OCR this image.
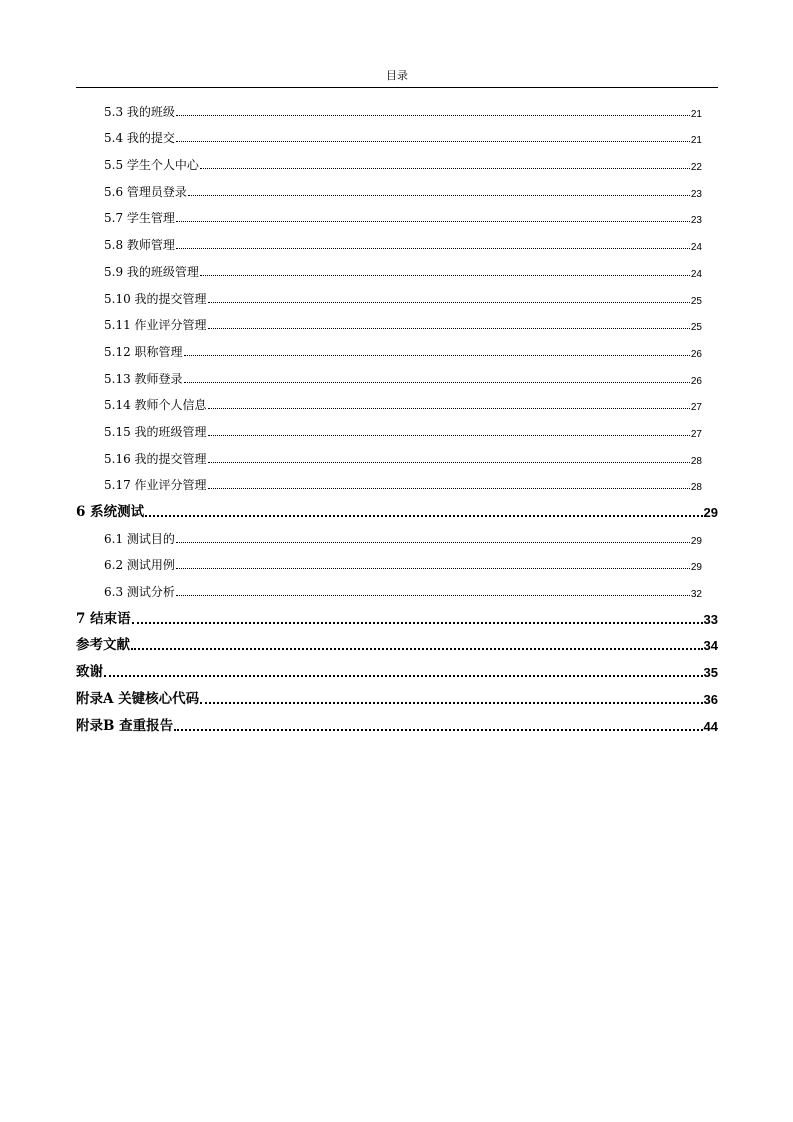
目录
5.3 我的班级	21
5.4 我的提交	21
5.5 学生个人中心	22
5.6 管理员登录	23
5.7 学生管理	23
5.8 教师管理	24
5.9 我的班级管理	24
5.10 我的提交管理	25
5.11 作业评分管理	25
5.12 职称管理	26
5.13 教师登录	26
5.14 教师个人信息	27
5.15 我的班级管理	27
5.16 我的提交管理	28
5.17 作业评分管理	28
6 系统测试	29
6.1 测试目的	29
6.2 测试用例	29
6.3 测试分析	32
7 结束语	33
参考文献	34
致谢	35
附录A 关键核心代码	36
附录B 查重报告	44
